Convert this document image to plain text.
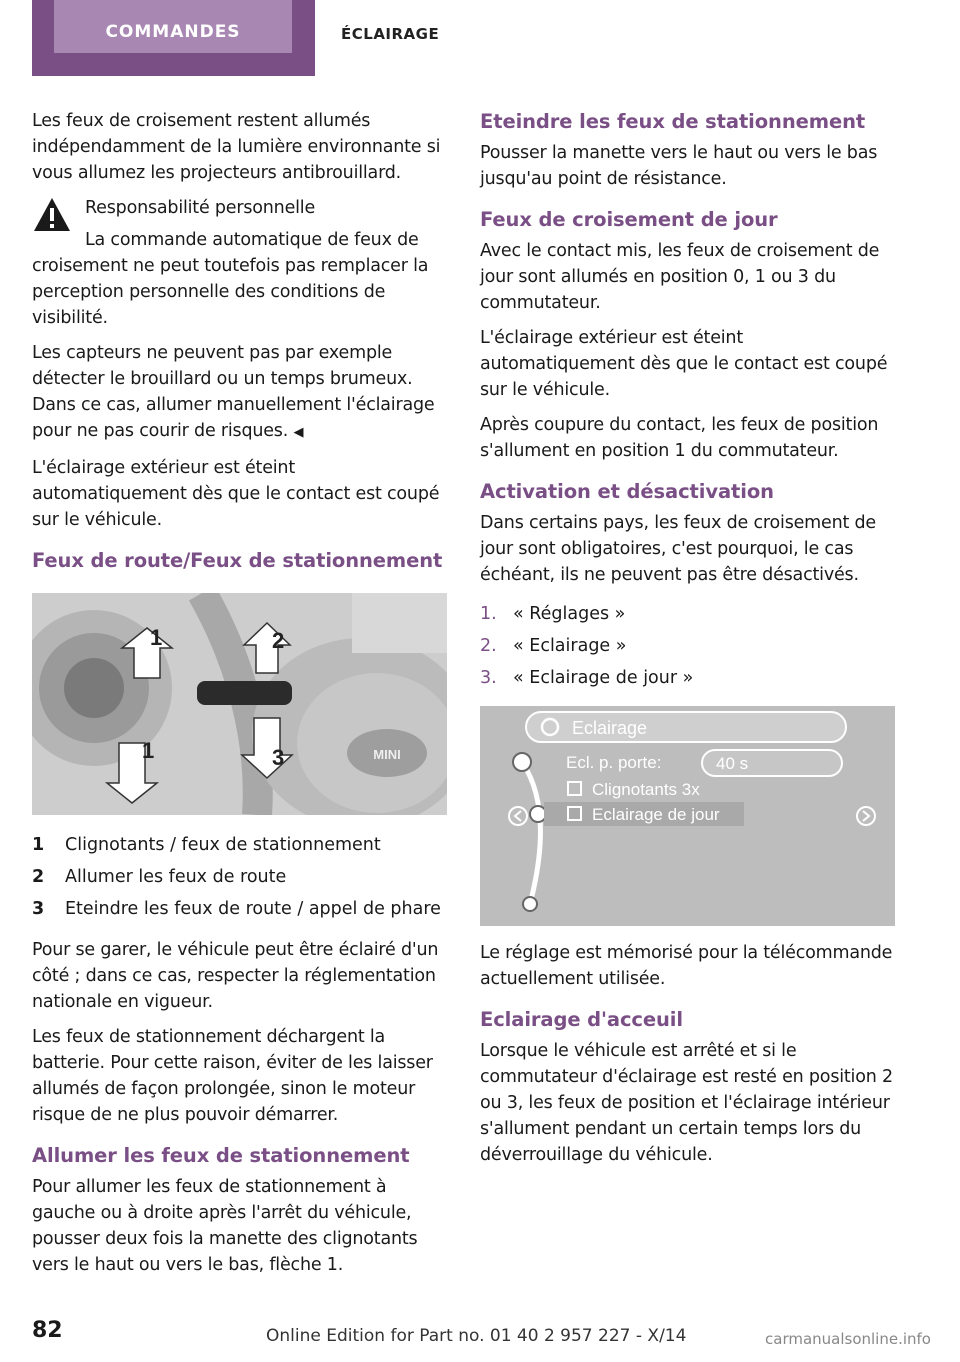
COMMANDES	ÉCLAIRAGE

Les feux de croisement restent allumés indépendamment de la lumière environnante si vous allumez les projecteurs antibrouillard.

Responsabilité personnelle

La commande automatique de feux de croisement ne peut toutefois pas remplacer la perception personnelle des conditions de visibilité.

Les capteurs ne peuvent pas par exemple détecter le brouillard ou un temps brumeux. Dans ce cas, allumer manuellement l'éclairage pour ne pas courir de risques. ◀

L'éclairage extérieur est éteint automatiquement dès que le contact est coupé sur le véhicule.

Feux de route/Feux de stationnement
MINI
1
1
2
3
1	Clignotants / feux de stationnement
2	Allumer les feux de route
3	Eteindre les feux de route / appel de phare

Pour se garer, le véhicule peut être éclairé d'un côté ; dans ce cas, respecter la réglementation nationale en vigueur.

Les feux de stationnement déchargent la batterie. Pour cette raison, éviter de les laisser allumés de façon prolongée, sinon le moteur risque de ne plus pouvoir démarrer.

Allumer les feux de stationnement

Pour allumer les feux de stationnement à gauche ou à droite après l'arrêt du véhicule, pousser deux fois la manette des clignotants vers le haut ou vers le bas, flèche 1.

Eteindre les feux de stationnement

Pousser la manette vers le haut ou vers le bas jusqu'au point de résistance.

Feux de croisement de jour

Avec le contact mis, les feux de croisement de jour sont allumés en position 0, 1 ou 3 du commutateur.

L'éclairage extérieur est éteint automatiquement dès que le contact est coupé sur le véhicule.

Après coupure du contact, les feux de position s'allument en position 1 du commutateur.

Activation et désactivation

Dans certains pays, les feux de croisement de jour sont obligatoires, c'est pourquoi, le cas échéant, ils ne peuvent pas être désactivés.

1. « Réglages »
2. « Eclairage »
3. « Eclairage de jour »
Eclairage
Ecl. p. porte:	40 s
Clignotants 3x
Eclairage de jour

Le réglage est mémorisé pour la télécommande actuellement utilisée.

Eclairage d'acceuil

Lorsque le véhicule est arrêté et si le commutateur d'éclairage est resté en position 2 ou 3, les feux de position et l'éclairage intérieur s'allument pendant un certain temps lors du déverrouillage du véhicule.

82	Online Edition for Part no. 01 40 2 957 227 - X/14	carmanualsonline.info
